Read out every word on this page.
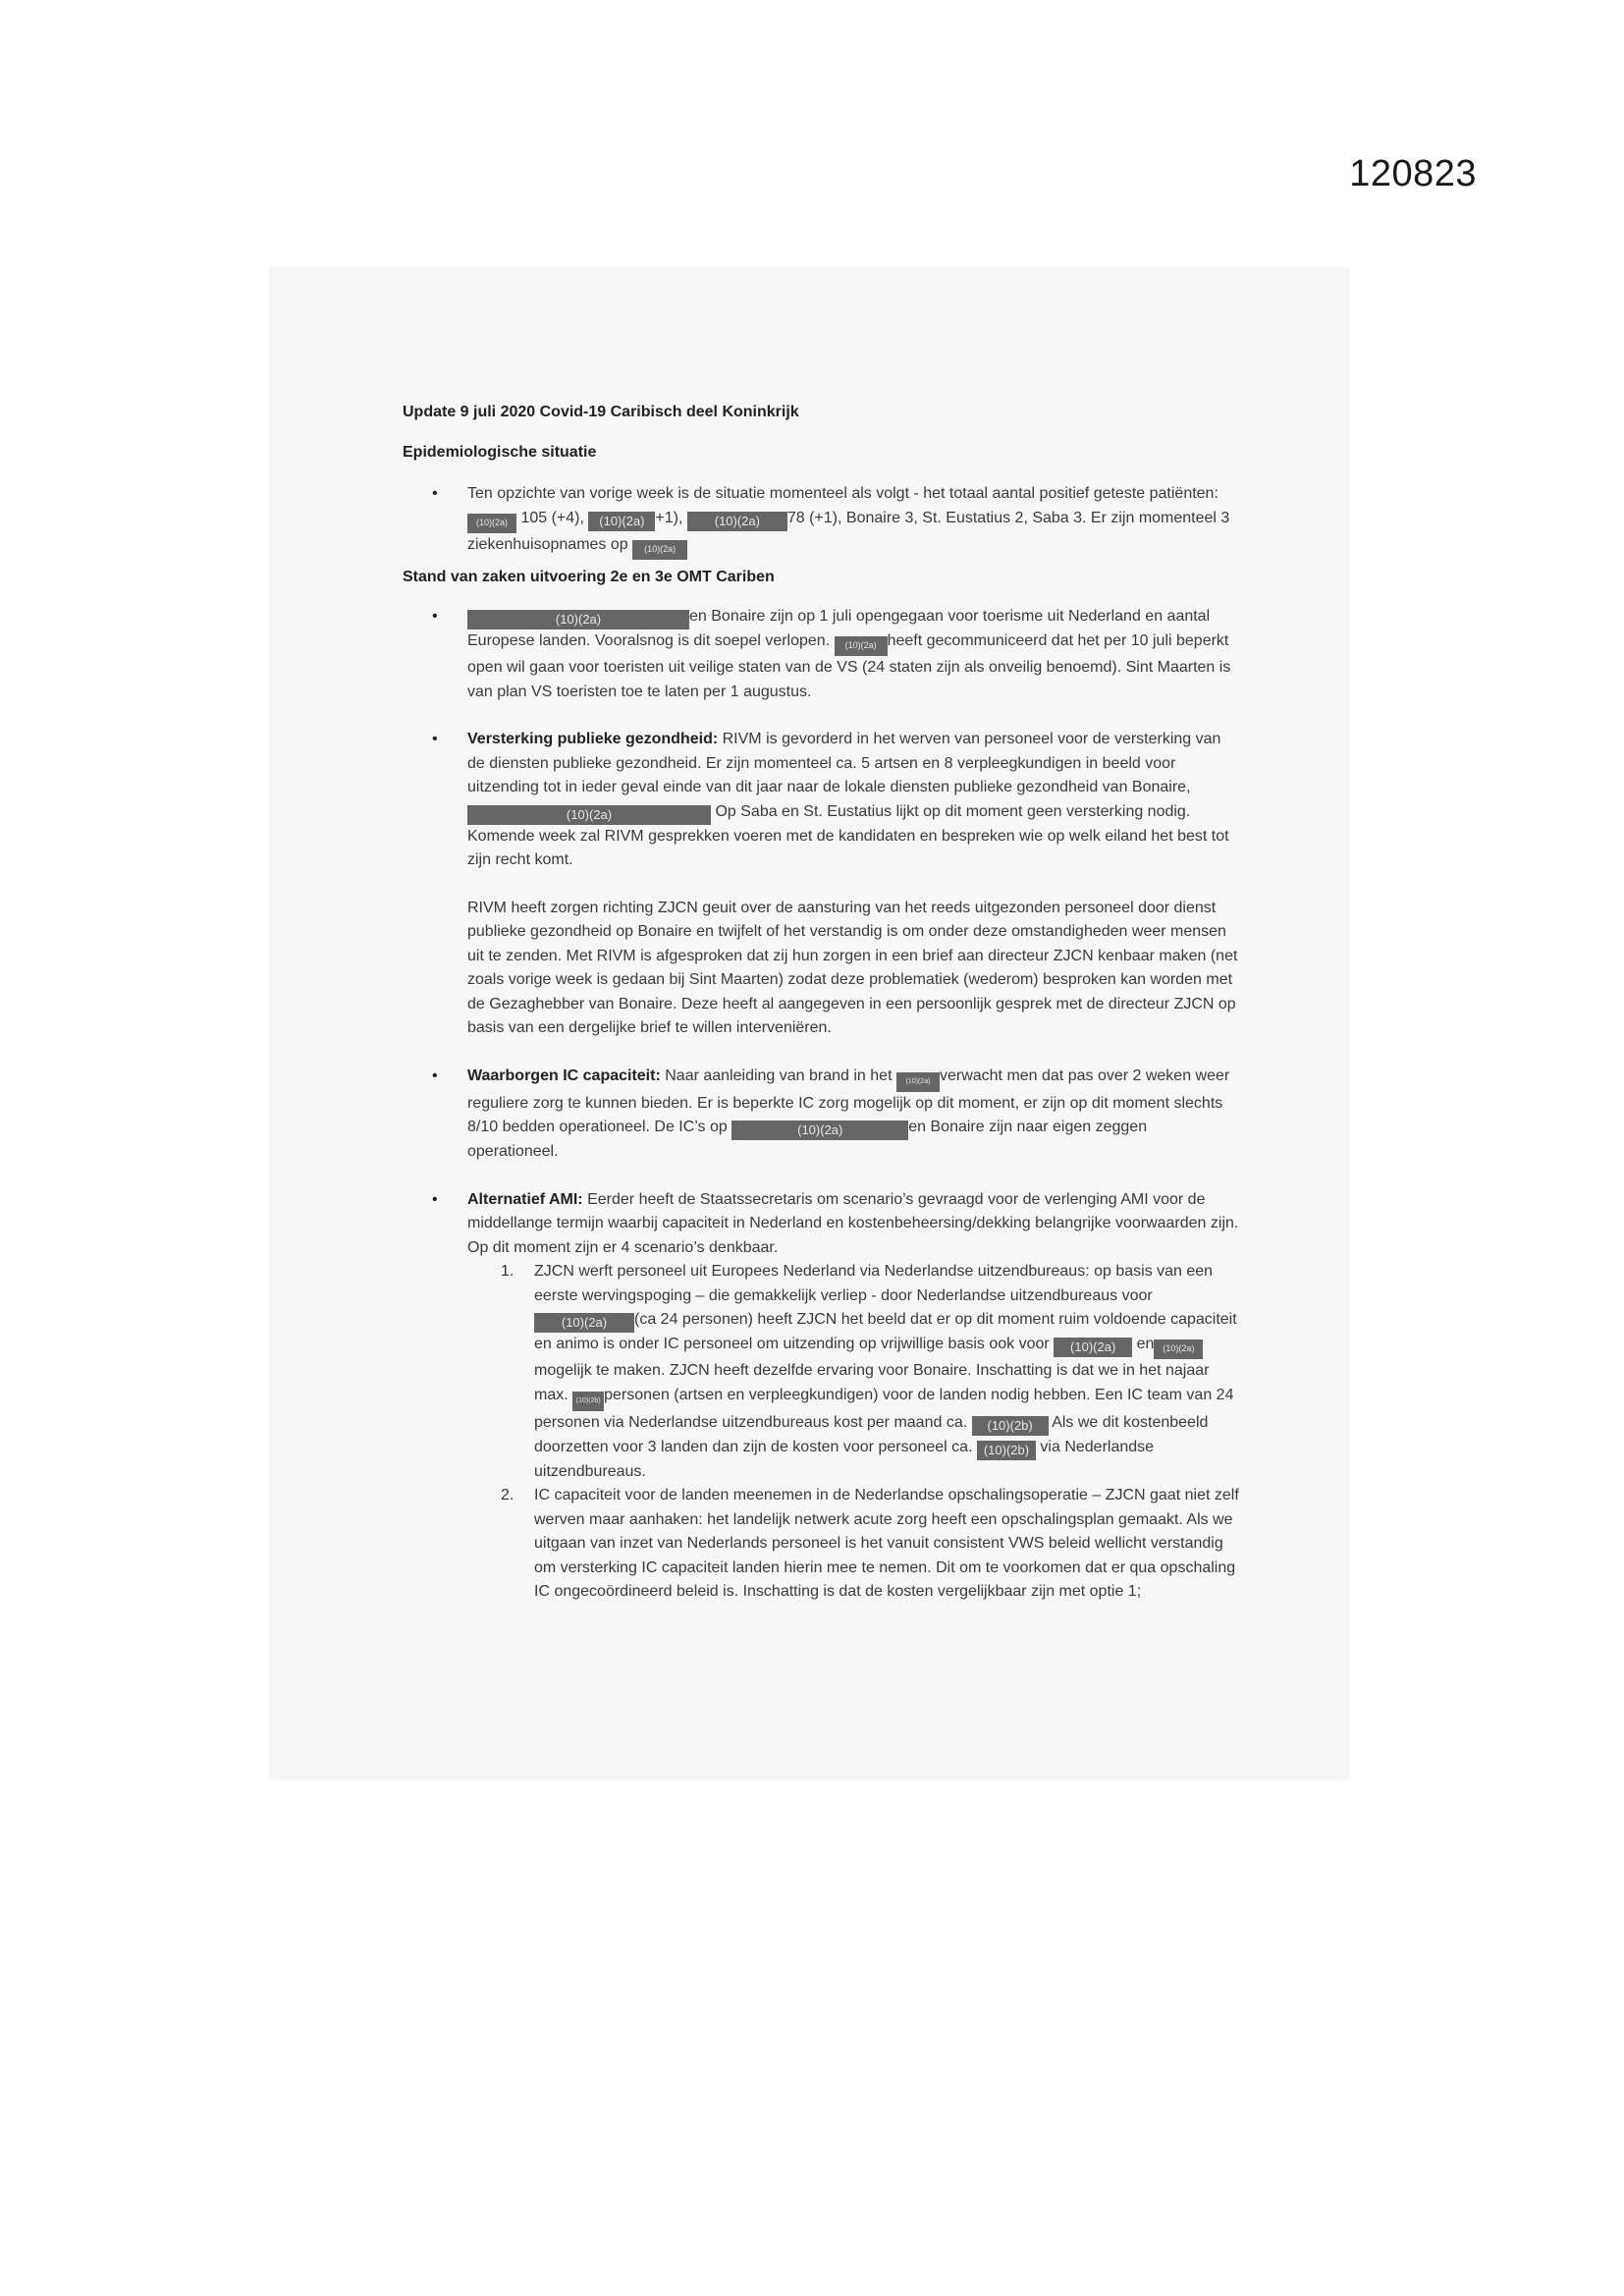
120823

Update 9 juli 2020 Covid-19 Caribisch deel Koninkrijk

Epidemiologische situatie

• Ten opzichte van vorige week is de situatie momenteel als volgt - het totaal aantal positief geteste patiënten: (10)(2a) 105 (+4), (10)(2a) +1), (10)(2a) 78 (+1), Bonaire 3, St. Eustatius 2, Saba 3. Er zijn momenteel 3 ziekenhuisopnames op (10)(2a)

Stand van zaken uitvoering 2e en 3e OMT Cariben

•	(10)(2a)	en Bonaire zijn op 1 juli opengegaan voor toerisme uit Nederland en aantal Europese landen. Vooralsnog is dit soepel verlopen. (10)(2a) heeft gecommuniceerd dat het per 10 juli beperkt open wil gaan voor toeristen uit veilige staten van de VS (24 staten zijn als onveilig benoemd). Sint Maarten is van plan VS toeristen toe te laten per 1 augustus.
• Versterking publieke gezondheid: RIVM is gevorderd in het werven van personeel voor de versterking van de diensten publieke gezondheid. Er zijn momenteel ca. 5 artsen en 8 verpleegkundigen in beeld voor uitzending tot in ieder geval einde van dit jaar naar de lokale diensten publieke gezondheid van Bonaire, (10)(2a)	Op Saba en St. Eustatius lijkt op dit moment geen versterking nodig. Komende week zal RIVM gesprekken voeren met de kandidaten en bespreken wie op welk eiland het best tot zijn recht komt.

RIVM heeft zorgen richting ZJCN geuit over de aansturing van het reeds uitgezonden personeel door dienst publieke gezondheid op Bonaire en twijfelt of het verstandig is om onder deze omstandigheden weer mensen uit te zenden. Met RIVM is afgesproken dat zij hun zorgen in een brief aan directeur ZJCN kenbaar maken (net zoals vorige week is gedaan bij Sint Maarten) zodat deze problematiek (wederom) besproken kan worden met de Gezaghebber van Bonaire. Deze heeft al aangegeven in een persoonlijk gesprek met de directeur ZJCN op basis van een dergelijke brief te willen interveniëren.

• Waarborgen IC capaciteit: Naar aanleiding van brand in het (10)(2a) verwacht men dat pas over 2 weken weer reguliere zorg te kunnen bieden. Er is beperkte IC zorg mogelijk op dit moment, er zijn op dit moment slechts 8/10 bedden operationeel. De IC’s op	(10)(2a)	en Bonaire zijn naar eigen zeggen operationeel.
• Alternatief AMI: Eerder heeft de Staatssecretaris om scenario’s gevraagd voor de verlenging AMI voor de middellange termijn waarbij capaciteit in Nederland en kostenbeheersing/dekking belangrijke voorwaarden zijn. Op dit moment zijn er 4 scenario’s denkbaar.
1. ZJCN werft personeel uit Europees Nederland via Nederlandse uitzendbureaus: op basis van een eerste wervingspoging – die gemakkelijk verliep - door Nederlandse uitzendbureaus voor (10)(2a) (ca 24 personen) heeft ZJCN het beeld dat er op dit moment ruim voldoende capaciteit en animo is onder IC personeel om uitzending op vrijwillige basis ook voor (10)(2a) en (10)(2a)mogelijk te maken. ZJCN heeft dezelfde ervaring voor Bonaire. Inschatting is dat we in het najaar max. (10)(2b) personen (artsen en verpleegkundigen) voor de landen nodig hebben. Een IC team van 24 personen via Nederlandse uitzendbureaus kost per maand ca. (10)(2b) Als we dit kostenbeeld doorzetten voor 3 landen dan zijn de kosten voor personeel ca. (10)(2b) via Nederlandse uitzendbureaus.
2. IC capaciteit voor de landen meenemen in de Nederlandse opschalingsoperatie – ZJCN gaat niet zelf werven maar aanhaken: het landelijk netwerk acute zorg heeft een opschalingsplan gemaakt. Als we uitgaan van inzet van Nederlands personeel is het vanuit consistent VWS beleid wellicht verstandig om versterking IC capaciteit landen hierin mee te nemen. Dit om te voorkomen dat er qua opschaling IC ongecoördineerd beleid is. Inschatting is dat de kosten vergelijkbaar zijn met optie 1;
